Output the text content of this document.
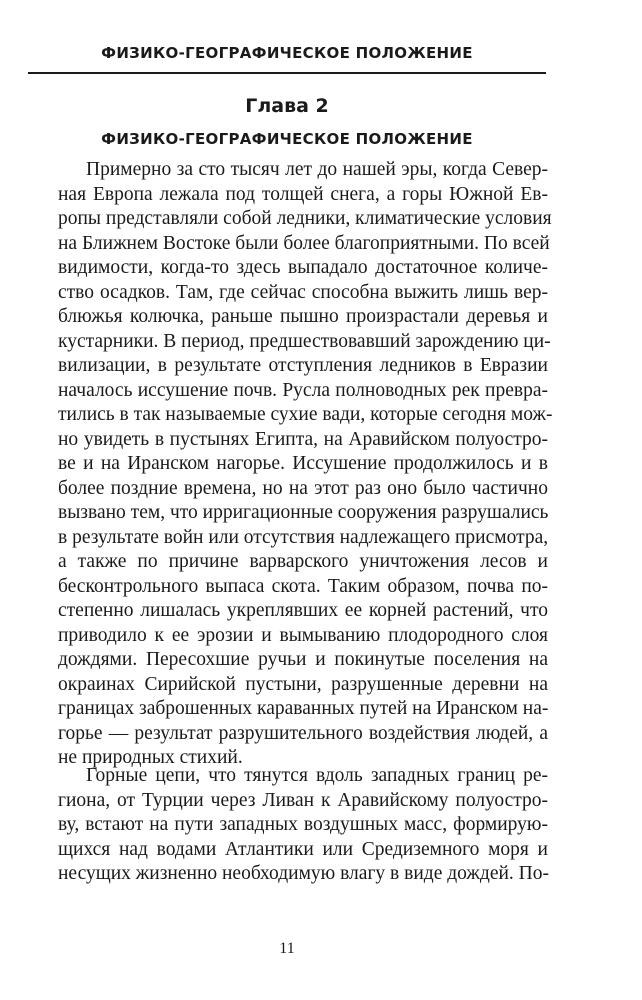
ФИЗИКО-ГЕОГРАФИЧЕСКОЕ ПОЛОЖЕНИЕ
Глава 2
ФИЗИКО-ГЕОГРАФИЧЕСКОЕ ПОЛОЖЕНИЕ

Примерно за сто тысяч лет до нашей эры, когда Север-
ная Европа лежала под толщей снега, а горы Южной Ев-
ропы представляли собой ледники, климатические условия
на Ближнем Востоке были более благоприятными. По всей
видимости, когда-то здесь выпадало достаточное количе-
ство осадков. Там, где сейчас способна выжить лишь вер-
блюжья колючка, раньше пышно произрастали деревья и
кустарники. В период, предшествовавший зарождению ци-
вилизации, в результате отступления ледников в Евразии
началось иссушение почв. Русла полноводных рек превра-
тились в так называемые сухие вади, которые сегодня мож-
но увидеть в пустынях Египта, на Аравийском полуостро-
ве и на Иранском нагорье. Иссушение продолжилось и в
более поздние времена, но на этот раз оно было частично
вызвано тем, что ирригационные сооружения разрушались
в результате войн или отсутствия надлежащего присмотра,
а также по причине варварского уничтожения лесов и
бесконтрольного выпаса скота. Таким образом, почва по-
степенно лишалась укреплявших ее корней растений, что
приводило к ее эрозии и вымыванию плодородного слоя
дождями. Пересохшие ручьи и покинутые поселения на
окраинах Сирийской пустыни, разрушенные деревни на
границах заброшенных караванных путей на Иранском на-
горье — результат разрушительного воздействия людей, а
не природных стихий.

Горные цепи, что тянутся вдоль западных границ ре-
гиона, от Турции через Ливан к Аравийскому полуостро-
ву, встают на пути западных воздушных масс, формирую-
щихся над водами Атлантики или Средиземного моря и
несущих жизненно необходимую влагу в виде дождей. По-

11
